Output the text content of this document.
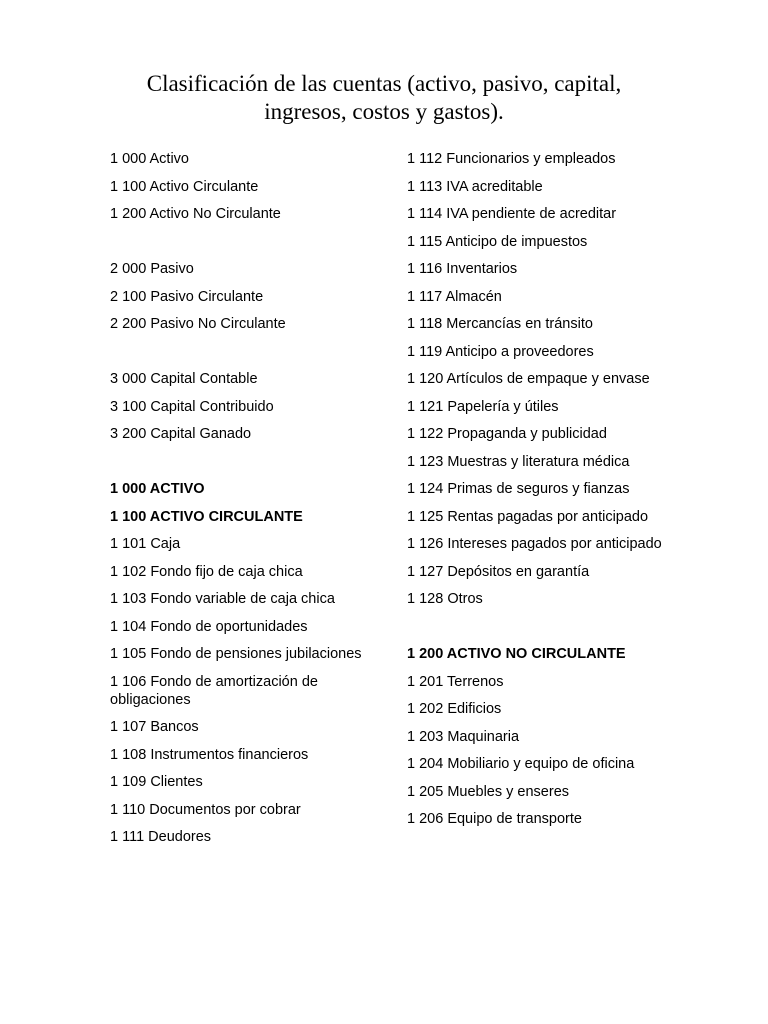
Clasificación de las cuentas (activo, pasivo, capital,
ingresos, costos y gastos).
1 000 Activo
1 100 Activo Circulante
1 200 Activo No Circulante
2 000 Pasivo
2 100 Pasivo Circulante
2 200 Pasivo No Circulante
3 000 Capital Contable
3 100 Capital Contribuido
3 200 Capital Ganado
1 000 ACTIVO
1 100 ACTIVO CIRCULANTE
1 101 Caja
1 102 Fondo fijo de caja chica
1 103 Fondo variable de caja chica
1 104 Fondo de oportunidades
1 105 Fondo de pensiones jubilaciones
1 106 Fondo de amortización de obligaciones
1 107 Bancos
1 108 Instrumentos financieros
1 109 Clientes
1 110 Documentos por cobrar
1 111 Deudores
1 112 Funcionarios y empleados
1 113 IVA acreditable
1 114 IVA pendiente de acreditar
1 115 Anticipo de impuestos
1 116 Inventarios
1 117 Almacén
1 118 Mercancías en tránsito
1 119 Anticipo a proveedores
1 120 Artículos de empaque y envase
1 121 Papelería y útiles
1 122 Propaganda y publicidad
1 123 Muestras y literatura médica
1 124 Primas de seguros y fianzas
1 125 Rentas pagadas por anticipado
1 126 Intereses pagados por anticipado
1 127 Depósitos en garantía
1 128 Otros
1 200 ACTIVO NO CIRCULANTE
1 201 Terrenos
1 202 Edificios
1 203 Maquinaria
1 204 Mobiliario y equipo de oficina
1 205 Muebles y enseres
1 206 Equipo de transporte
